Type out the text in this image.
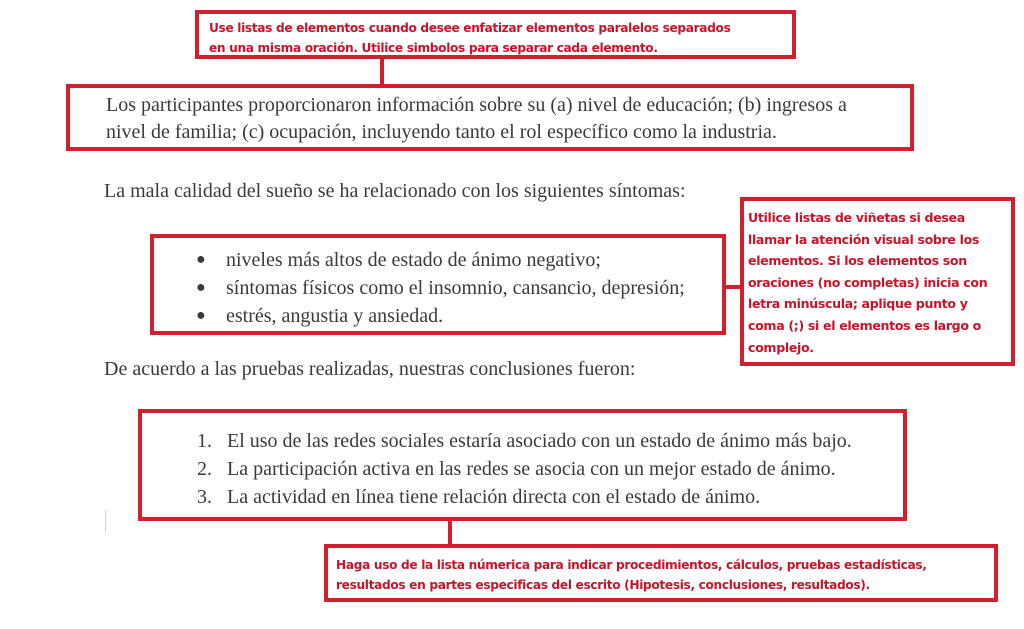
Use listas de elementos cuando desee enfatizar elementos paralelos separados
en una misma oración. Utilice simbolos para separar cada elemento.
Los participantes proporcionaron información sobre su (a) nivel de educación; (b) ingresos a
nivel de familia; (c) ocupación, incluyendo tanto el rol específico como la industria.
La mala calidad del sueño se ha relacionado con los siguientes síntomas:
●	niveles más altos de estado de ánimo negativo;
●	síntomas físicos como el insomnio, cansancio, depresión;
●	estrés, angustia y ansiedad.
Utilice listas de viñetas si desea
llamar la atención visual sobre los
elementos. Si los elementos son
oraciones (no completas) inicia con
letra minúscula; aplique punto y
coma (;) si el elementos es largo o
complejo.
De acuerdo a las pruebas realizadas, nuestras conclusiones fueron:
1. El uso de las redes sociales estaría asociado con un estado de ánimo más bajo.
2. La participación activa en las redes se asocia con un mejor estado de ánimo.
3. La actividad en línea tiene relación directa con el estado de ánimo.
Haga uso de la lista númerica para indicar procedimientos, cálculos, pruebas estadísticas,
resultados en partes especificas del escrito (Hipotesis, conclusiones, resultados).
